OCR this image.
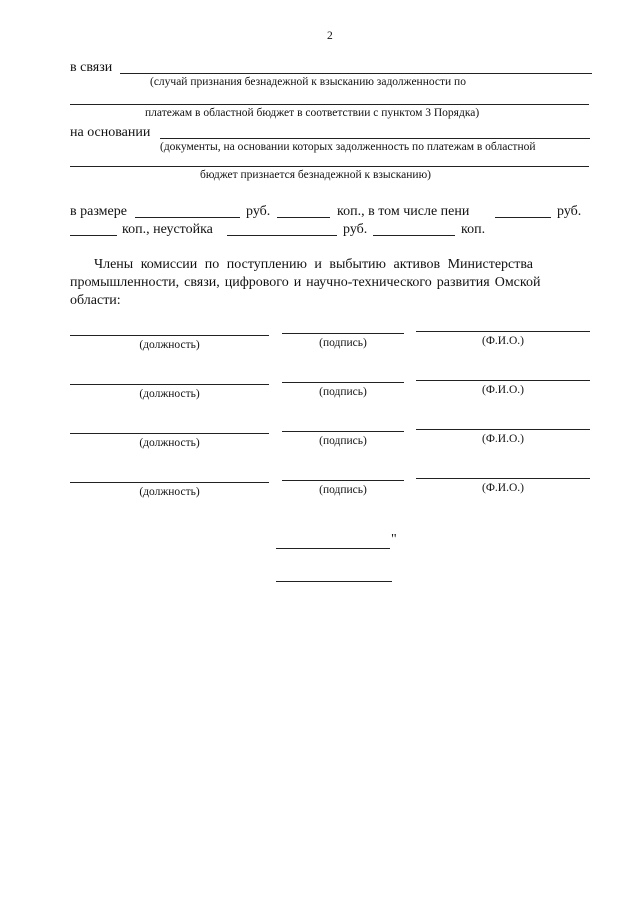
2
в связи
(случай признания безнадежной к взысканию задолженности по
платежам в областной бюджет в соответствии с пунктом 3 Порядка)
на основании
(документы, на основании которых задолженность по платежам в областной
бюджет признается безнадежной к взысканию)
в размере	руб.	коп., в том числе пени	руб.
коп., неустойка	руб.	коп.
Члены комиссии по поступлению и выбытию активов Министерства
промышленности, связи, цифрового и научно-технического развития Омской
области:
(должность)	(подпись)	(Ф.И.О.)
(должность)	(подпись)	(Ф.И.О.)
(должность)	(подпись)	(Ф.И.О.)
(должность)	(подпись)	(Ф.И.О.)
"
